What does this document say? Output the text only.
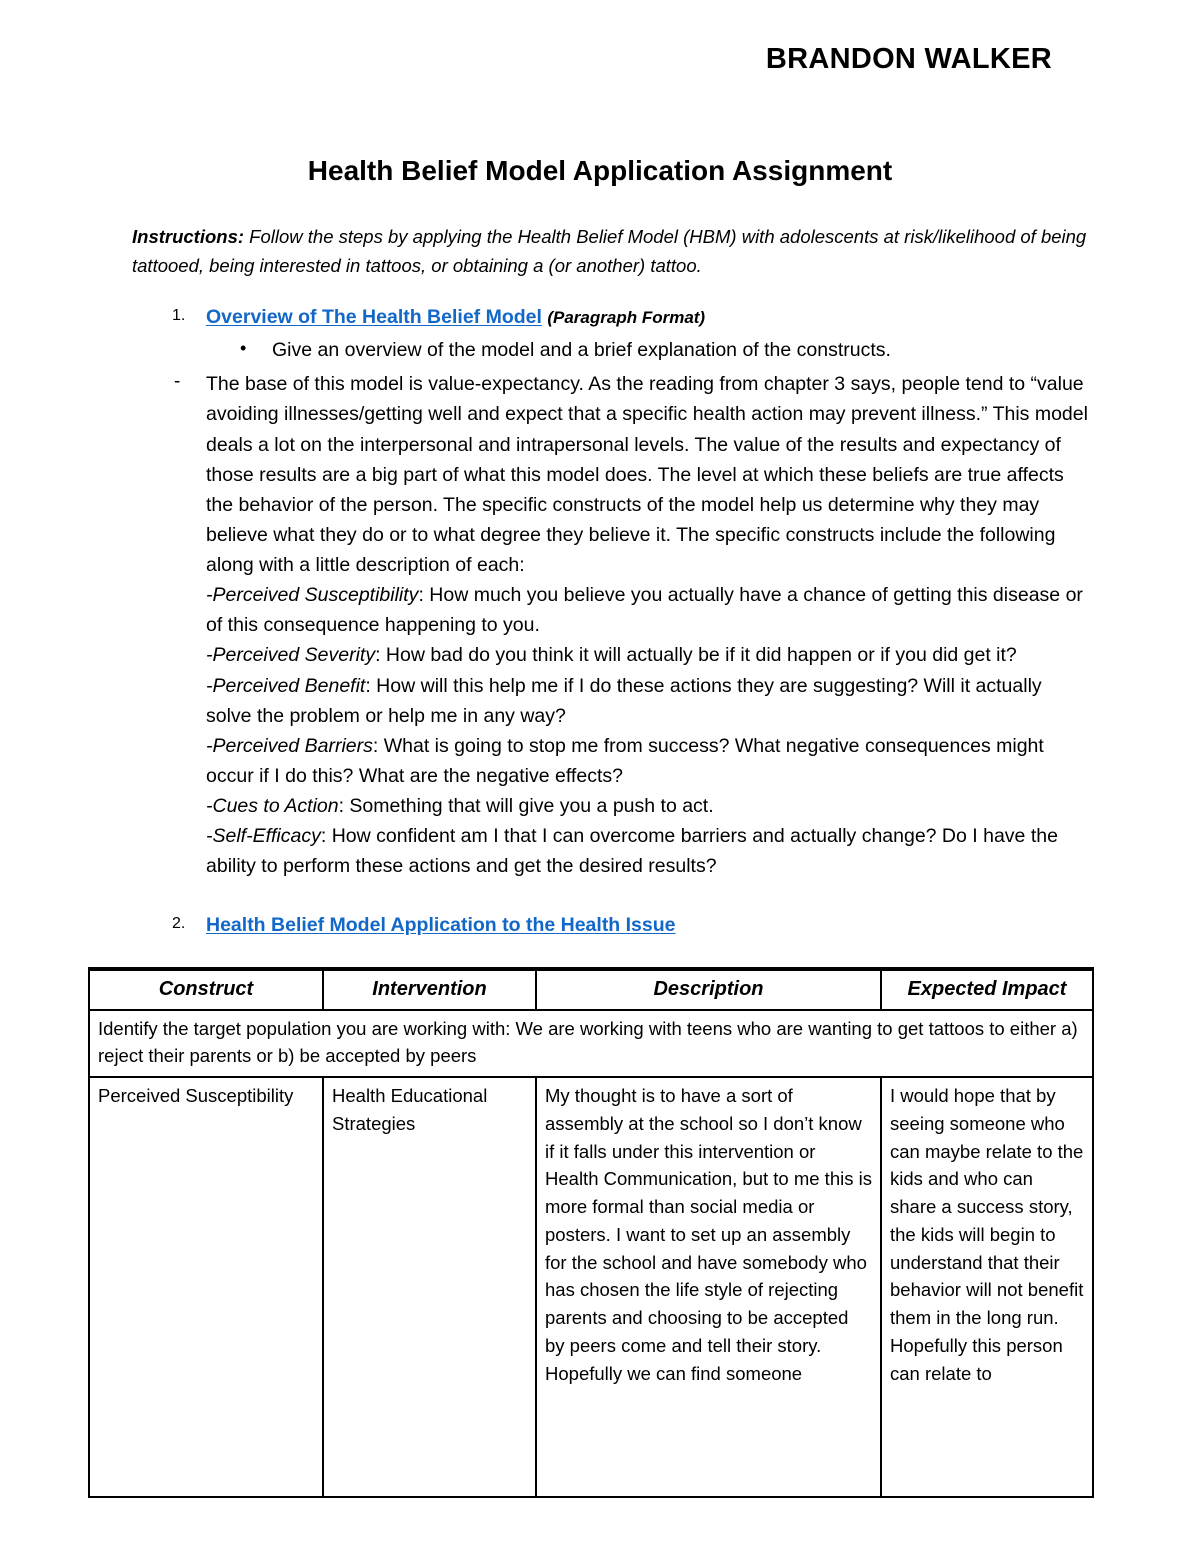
BRANDON WALKER
Health Belief Model Application Assignment

Instructions: Follow the steps by applying the Health Belief Model (HBM) with adolescents at risk/likelihood of being tattooed, being interested in tattoos, or obtaining a (or another) tattoo.

1. Overview of The Health Belief Model (Paragraph Format)
• Give an overview of the model and a brief explanation of the constructs.
- The base of this model is value-expectancy. As the reading from chapter 3 says, people tend to “value avoiding illnesses/getting well and expect that a specific health action may prevent illness.” This model deals a lot on the interpersonal and intrapersonal levels. The value of the results and expectancy of those results are a big part of what this model does. The level at which these beliefs are true affects the behavior of the person. The specific constructs of the model help us determine why they may believe what they do or to what degree they believe it. The specific constructs include the following along with a little description of each:
-Perceived Susceptibility: How much you believe you actually have a chance of getting this disease or of this consequence happening to you.
-Perceived Severity: How bad do you think it will actually be if it did happen or if you did get it?
-Perceived Benefit: How will this help me if I do these actions they are suggesting? Will it actually solve the problem or help me in any way?
-Perceived Barriers: What is going to stop me from success? What negative consequences might occur if I do this? What are the negative effects?
-Cues to Action: Something that will give you a push to act.
-Self-Efficacy: How confident am I that I can overcome barriers and actually change? Do I have the ability to perform these actions and get the desired results?
2. Health Belief Model Application to the Health Issue
Construct	Intervention	Description	Expected Impact
Identify the target population you are working with: We are working with teens who are wanting to get tattoos to either a) reject their parents or b) be accepted by peers			
Perceived Susceptibility	Health Educational Strategies	My thought is to have a sort of assembly at the school so I don’t know if it falls under this intervention or Health Communication, but to me this is more formal than social media or posters. I want to set up an assembly for the school and have somebody who has chosen the life style of rejecting parents and choosing to be accepted by peers come and tell their story. Hopefully we can find someone	I would hope that by seeing someone who can maybe relate to the kids and who can share a success story, the kids will begin to understand that their behavior will not benefit them in the long run. Hopefully this person can relate to
